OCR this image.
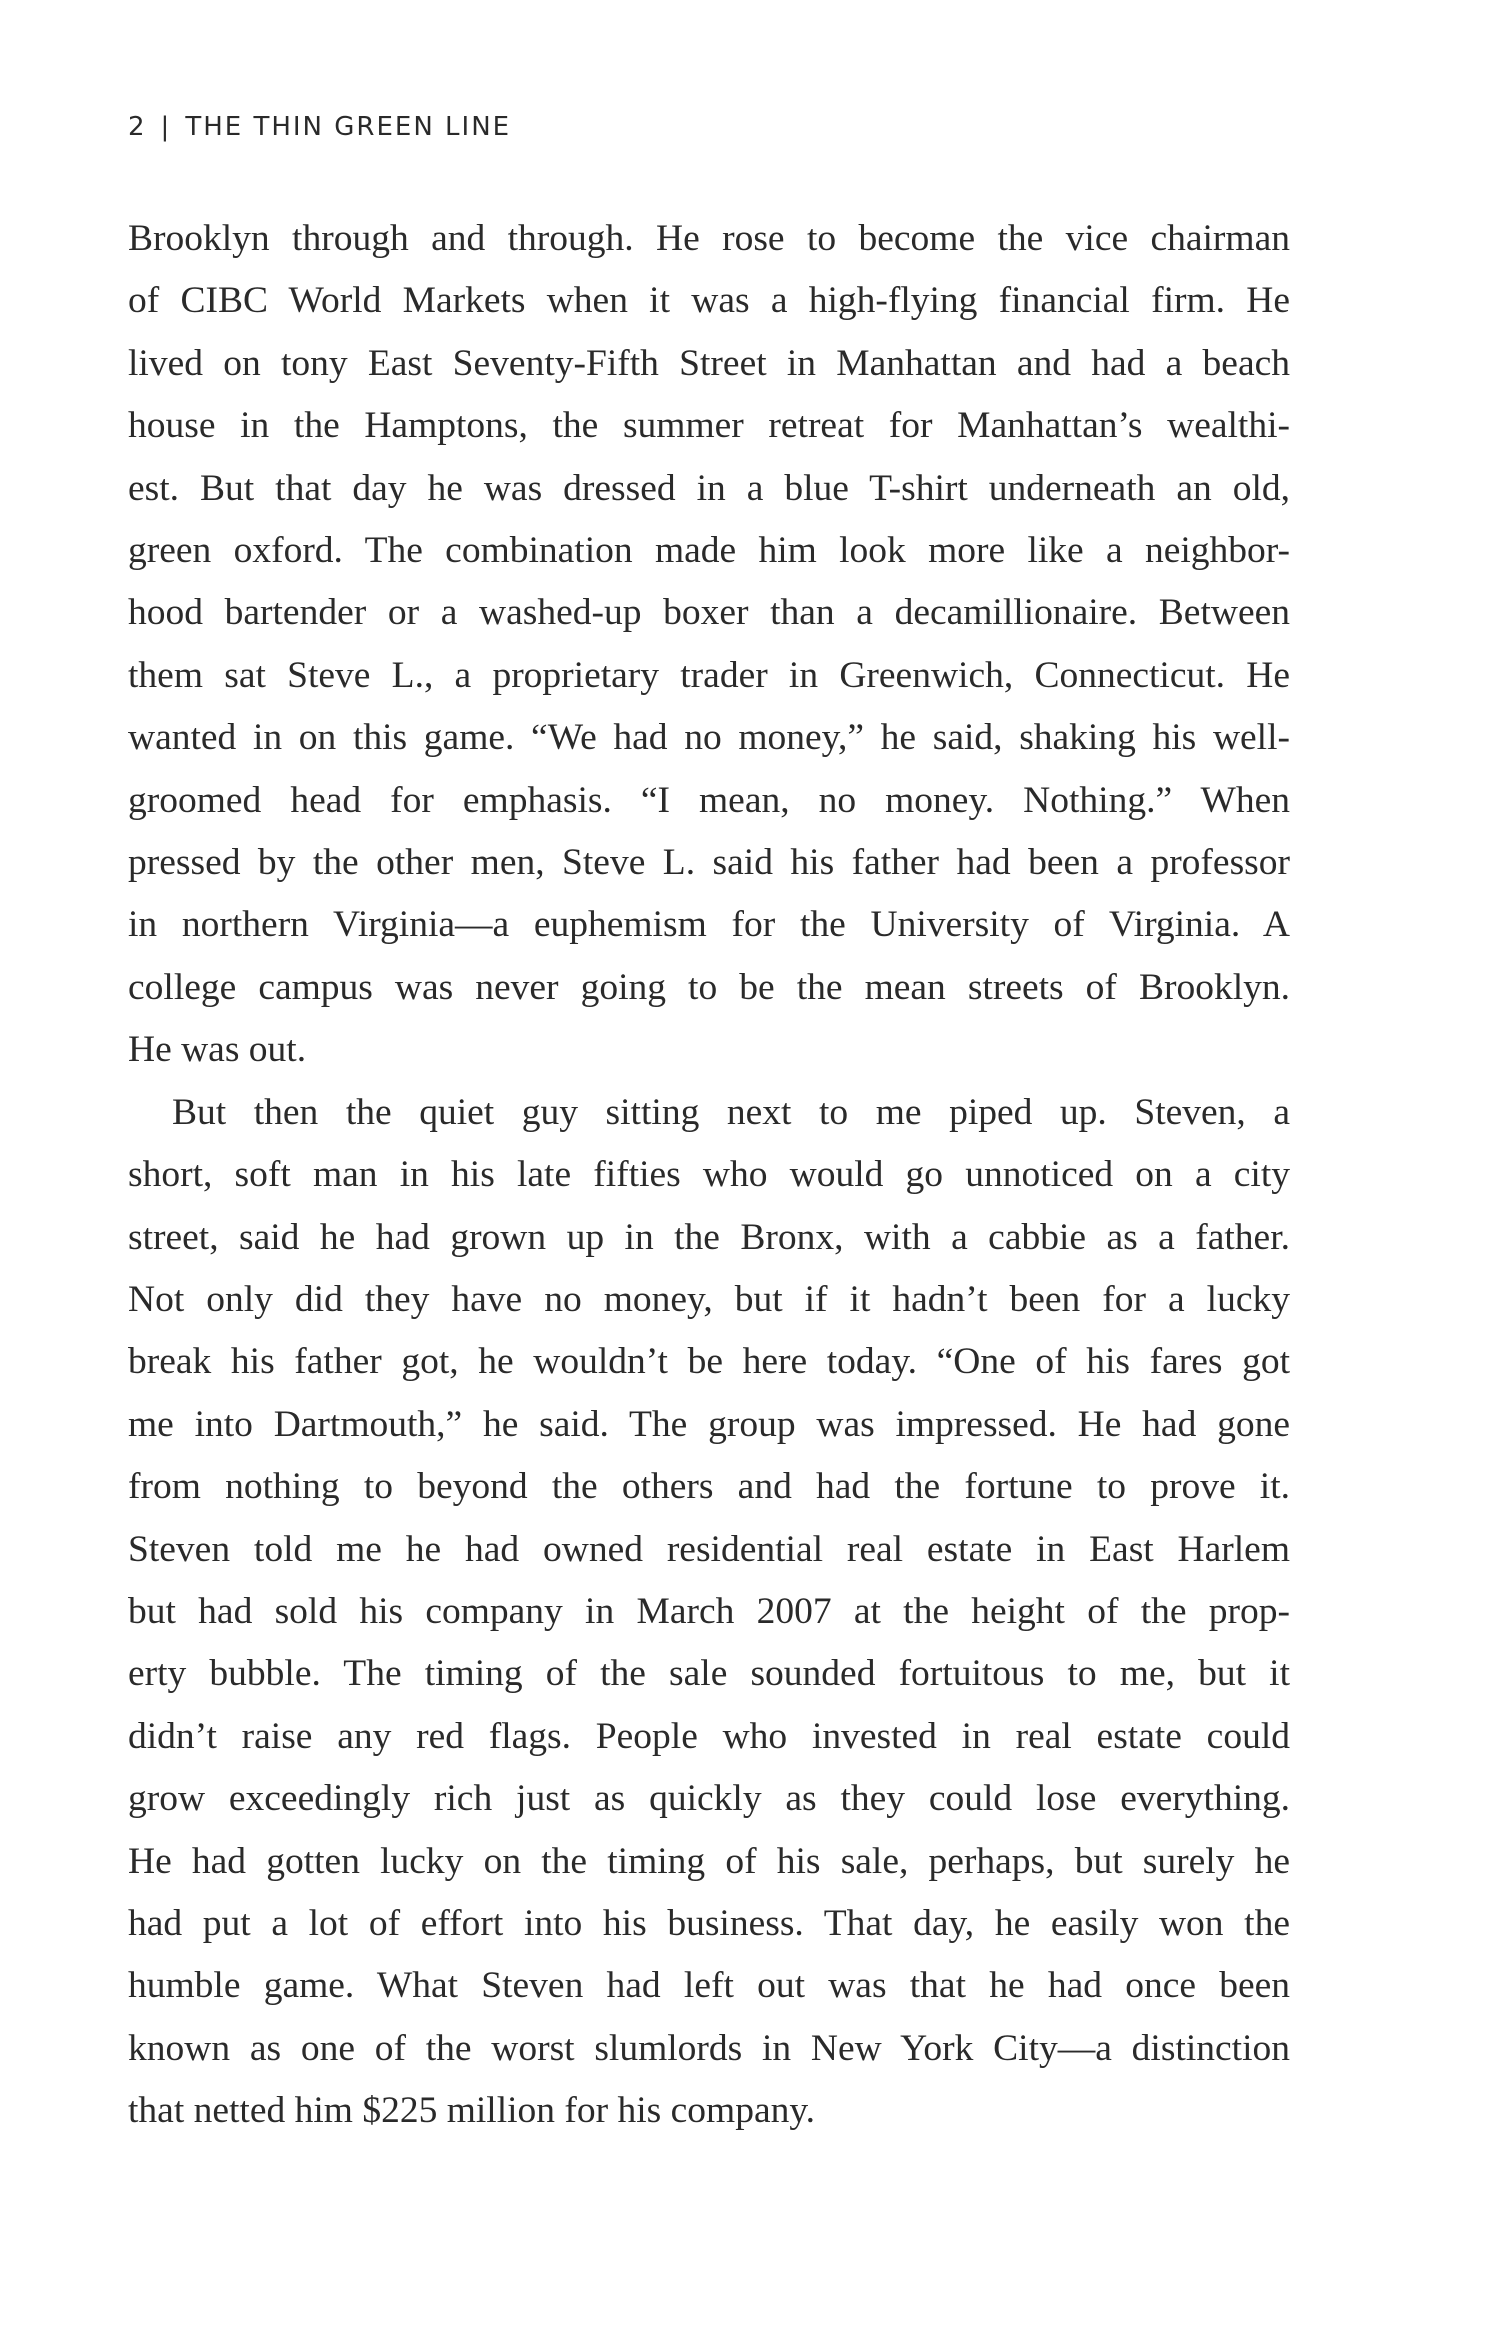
2 | THE THIN GREEN LINE
Brooklyn through and through. He rose to become the vice chairman
of CIBC World Markets when it was a high-flying financial firm. He
lived on tony East Seventy-Fifth Street in Manhattan and had a beach
house in the Hamptons, the summer retreat for Manhattan’s wealthi-
est. But that day he was dressed in a blue T-shirt underneath an old,
green oxford. The combination made him look more like a neighbor-
hood bartender or a washed-up boxer than a decamillionaire. Between
them sat Steve L., a proprietary trader in Greenwich, Connecticut. He
wanted in on this game. “We had no money,” he said, shaking his well-
groomed head for emphasis. “I mean, no money. Nothing.” When
pressed by the other men, Steve L. said his father had been a professor
in northern Virginia—a euphemism for the University of Virginia. A
college campus was never going to be the mean streets of Brooklyn.
He was out.
But then the quiet guy sitting next to me piped up. Steven, a
short, soft man in his late fifties who would go unnoticed on a city
street, said he had grown up in the Bronx, with a cabbie as a father.
Not only did they have no money, but if it hadn’t been for a lucky
break his father got, he wouldn’t be here today. “One of his fares got
me into Dartmouth,” he said. The group was impressed. He had gone
from nothing to beyond the others and had the fortune to prove it.
Steven told me he had owned residential real estate in East Harlem
but had sold his company in March 2007 at the height of the prop-
erty bubble. The timing of the sale sounded fortuitous to me, but it
didn’t raise any red flags. People who invested in real estate could
grow exceedingly rich just as quickly as they could lose everything.
He had gotten lucky on the timing of his sale, perhaps, but surely he
had put a lot of effort into his business. That day, he easily won the
humble game. What Steven had left out was that he had once been
known as one of the worst slumlords in New York City—a distinction
that netted him $225 million for his company.
